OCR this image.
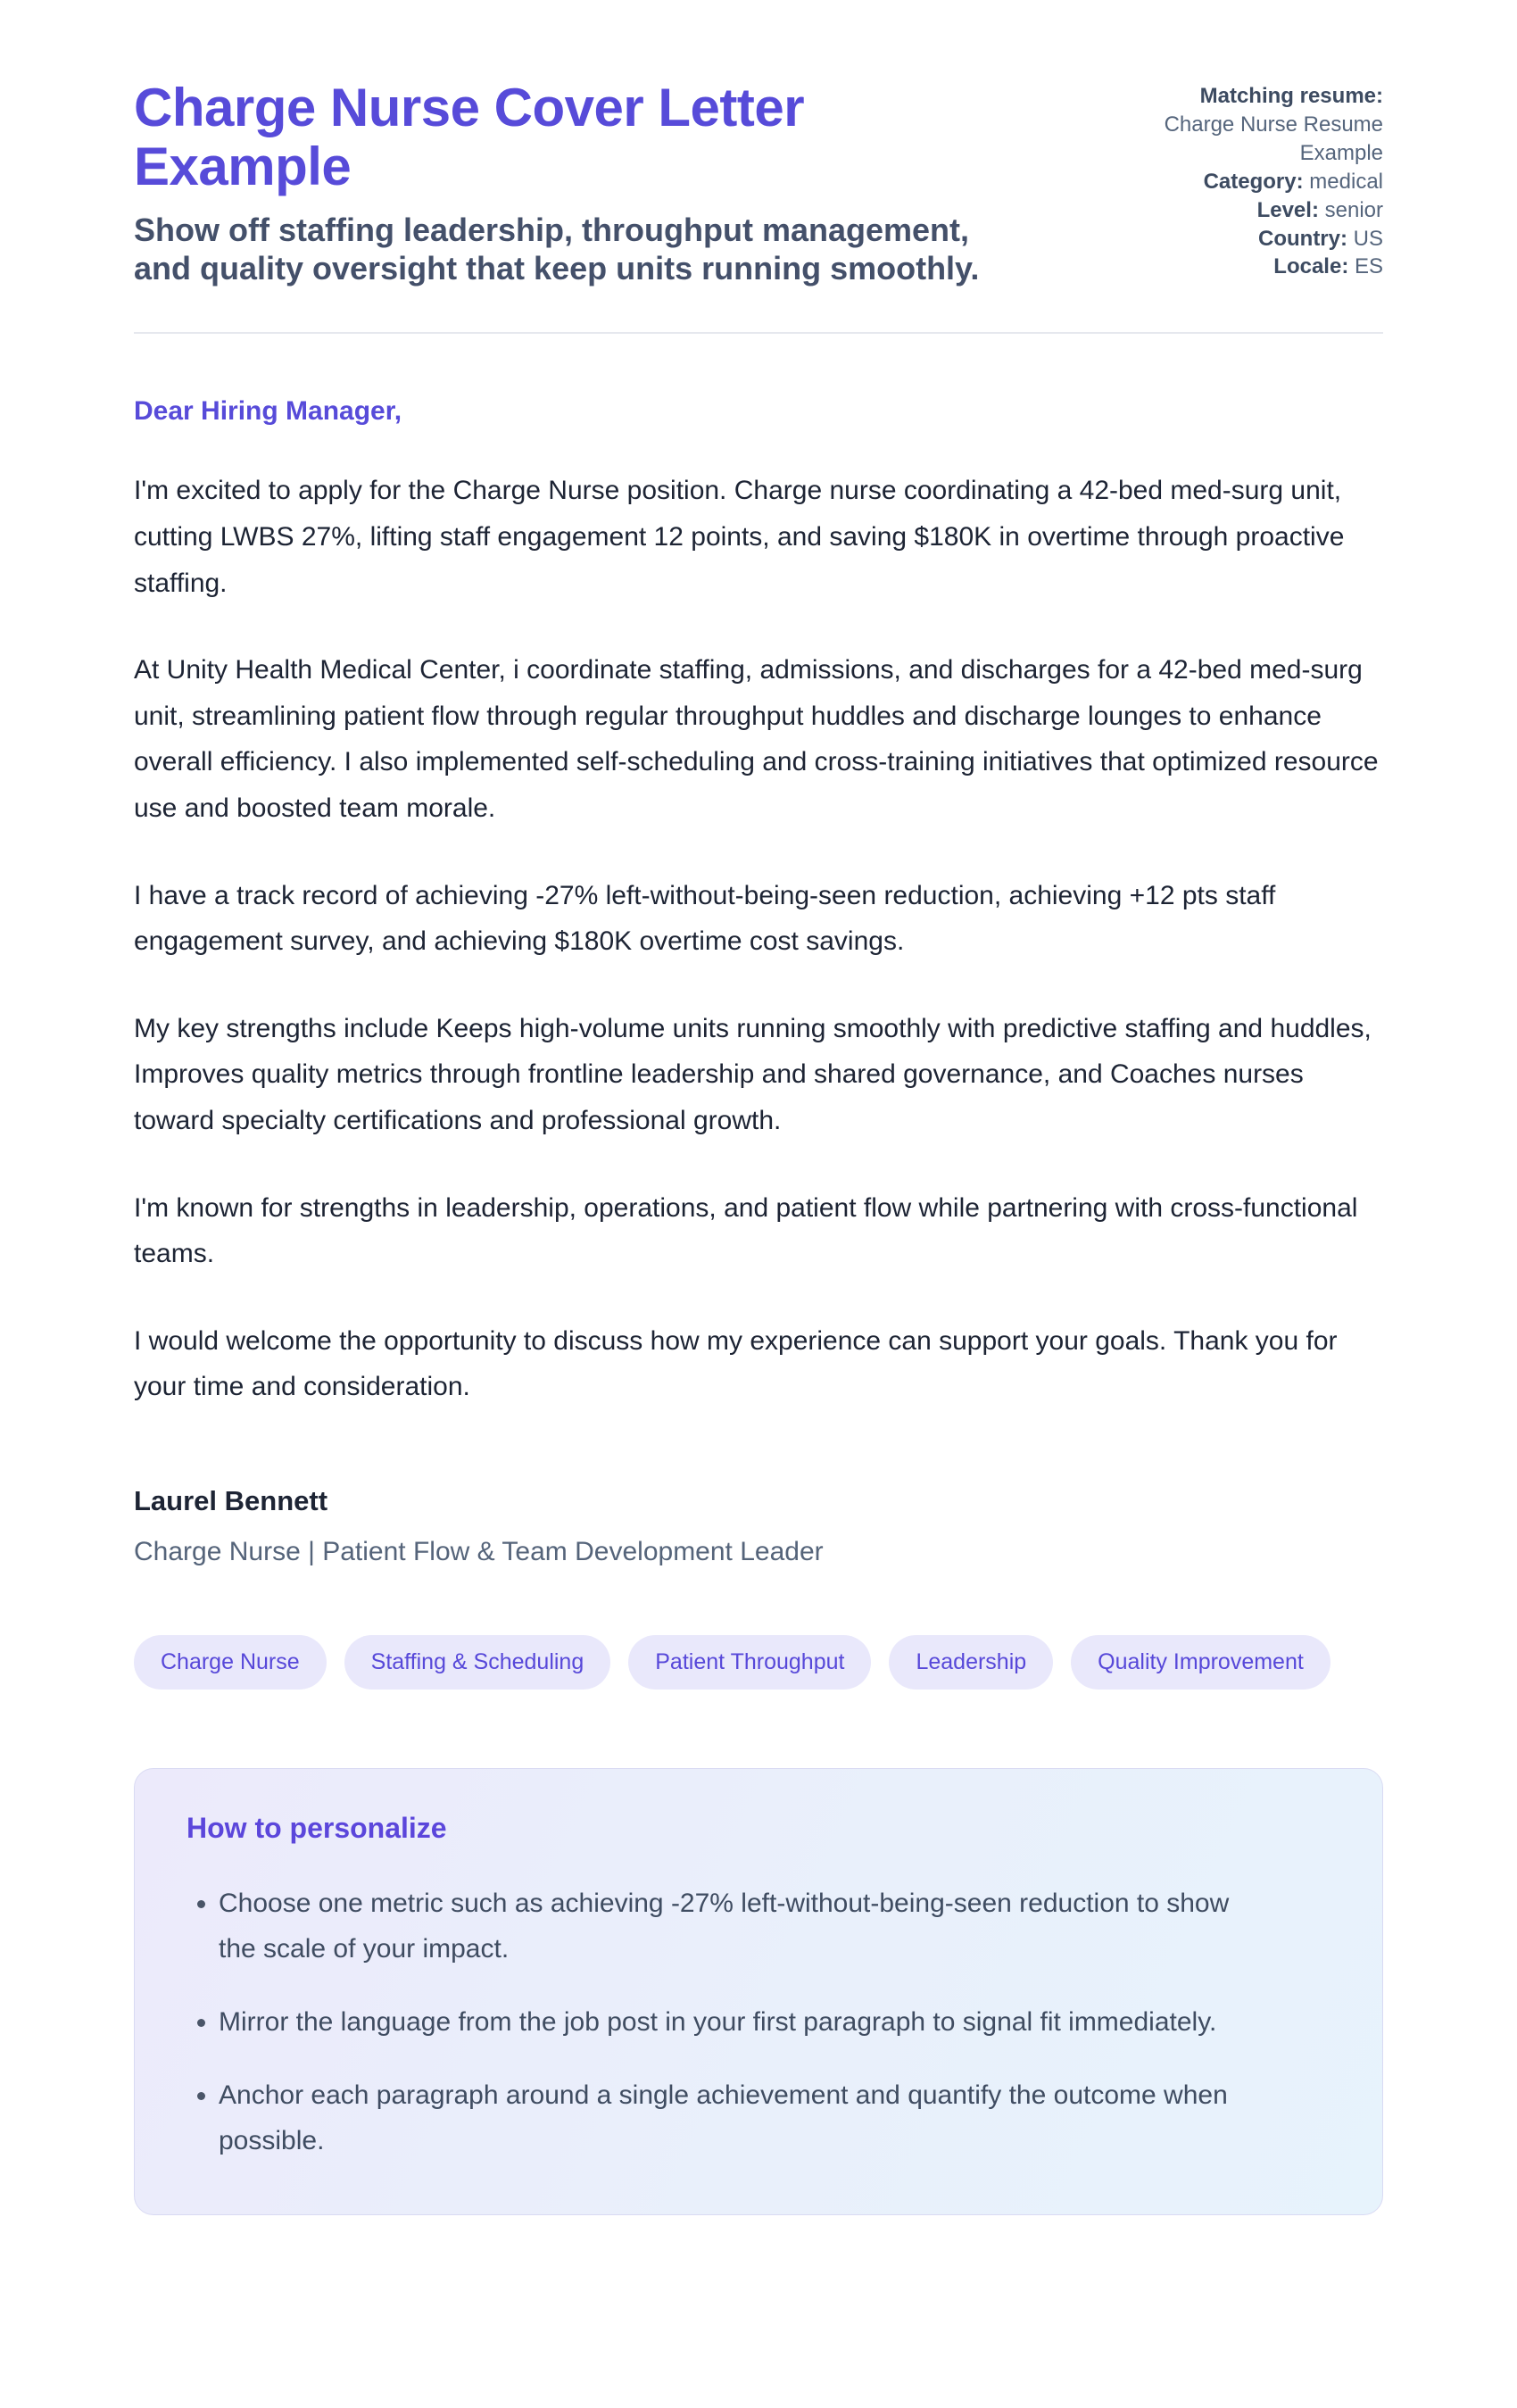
Charge Nurse Cover Letter Example

Show off staffing leadership, throughput management, and quality oversight that keep units running smoothly.

Matching resume: Charge Nurse Resume Example
Category: medical
Level: senior
Country: US
Locale: ES

Dear Hiring Manager,

I'm excited to apply for the Charge Nurse position. Charge nurse coordinating a 42-bed med-surg unit, cutting LWBS 27%, lifting staff engagement 12 points, and saving $180K in overtime through proactive staffing.

At Unity Health Medical Center, i coordinate staffing, admissions, and discharges for a 42-bed med-surg unit, streamlining patient flow through regular throughput huddles and discharge lounges to enhance overall efficiency. I also implemented self-scheduling and cross-training initiatives that optimized resource use and boosted team morale.

I have a track record of achieving -27% left-without-being-seen reduction, achieving +12 pts staff engagement survey, and achieving $180K overtime cost savings.

My key strengths include Keeps high-volume units running smoothly with predictive staffing and huddles, Improves quality metrics through frontline leadership and shared governance, and Coaches nurses toward specialty certifications and professional growth.

I'm known for strengths in leadership, operations, and patient flow while partnering with cross-functional teams.

I would welcome the opportunity to discuss how my experience can support your goals. Thank you for your time and consideration.

Laurel Bennett

Charge Nurse | Patient Flow & Team Development Leader

Charge Nurse	Staffing & Scheduling	Patient Throughput	Leadership	Quality Improvement
How to personalize
• Choose one metric such as achieving -27% left-without-being-seen reduction to show the scale of your impact.
• Mirror the language from the job post in your first paragraph to signal fit immediately.
• Anchor each paragraph around a single achievement and quantify the outcome when possible.
